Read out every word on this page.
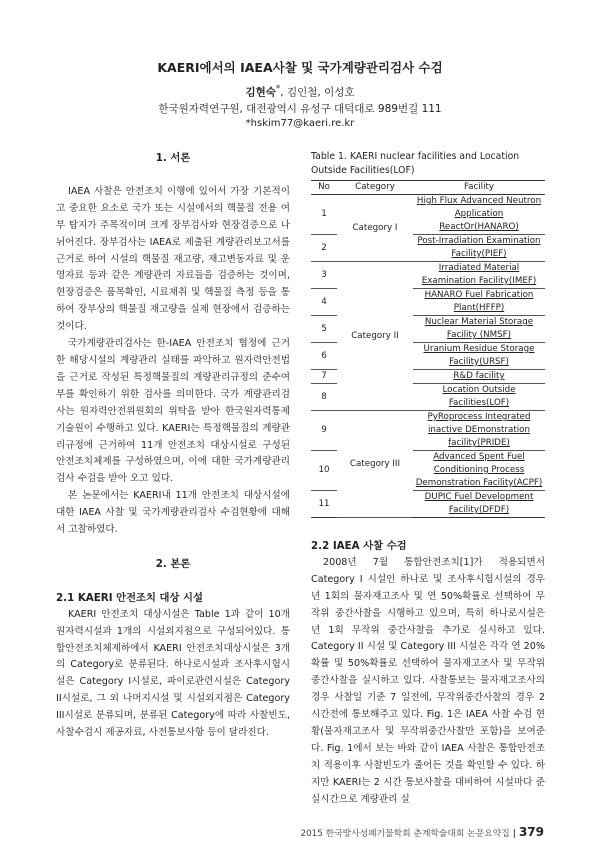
KAERI에서의 IAEA사찰 및 국가계량관리검사 수검
김현숙*, 김인철, 이성호
한국원자력연구원, 대전광역시 유성구 대덕대로 989번길 111
*hskim77@kaeri.re.kr
1. 서론

IAEA 사찰은 안전조치 이행에 있어서 가장 기본적이고 중요한 요소로 국가 또는 시설에서의 핵물질 전용 여부 탐지가 주목적이며 크게 장부검사와 현장검증으로 나뉘어진다. 장부검사는 IAEA로 제출된 계량관리보고서를 근거로 하여 시설의 핵물질 재고량, 재고변동자료 및 운영자료 등과 같은 계량관리 자료들을 검증하는 것이며, 현장검증은 품목확인, 시료채취 및 핵물질 측정 등을 통하여 장부상의 핵물질 재고량을 실제 현장에서 검증하는 것이다.

국가계량관리검사는 한-IAEA 안전조치 협정에 근거한 해당시설의 계량관리 실태를 파악하고 원자력안전법을 근거로 작성된 특정핵물질의 계량관리규정의 준수여부를 확인하기 위한 검사를 의미한다. 국가 계량관리검사는 원자력안전위원회의 위탁을 받아 한국원자력통제기술원이 수행하고 있다. KAERI는 특정핵물질의 계량관리규정에 근거하여 11개 안전조치 대상시설로 구성된 안전조치체제를 구성하였으며, 이에 대한 국가계량관리검사 수검을 받아 오고 있다.

본 논문에서는 KAERI내 11개 안전조치 대상시설에 대한 IAEA 사찰 및 국가계량관리검사 수검현황에 대해서 고찰하였다.

2. 본론
2.1 KAERI 안전조치 대상 시설

KAERI 안전조치 대상시설은 Table 1과 같이 10개 원자력시설과 1개의 시설외지점으로 구성되어있다. 통합안전조치체제하에서 KAERI 안전조치대상시설은 3개의 Category로 분류된다. 하나로시설과 조사후시험시설은 Category I시설로, 파이로관련시설은 Category II시설로, 그 외 나머지시설 및 시설외지점은 Category III시설로 분류되며, 분류된 Category에 따라 사찰빈도, 사찰수검시 제공자료, 사전통보사항 등이 달라진다.

Table 1. KAERI nuclear facilities and Location Outside Facilities(LOF)
No	Category	Facility
1	Category I	High Flux Advanced Neutron Application ReactOr(HANARO)
2		Post-Irradiation Examination Facility(PIEF)
3	Category II	Irradiated Material Examination Facility(IMEF)
4		HANARO Fuel Fabrication Plant(HFFP)
5		Nuclear Material Storage Facility (NMSF)
6		Uranium Residue Storage Facility(URSF)
7		R&D facility
8		Location Outside Facilities(LOF)
9	Category III	PyRoprocess Integrated inactive DEmonstration facility(PRIDE)
10		Advanced Spent Fuel Conditioning Process Demonstration Facility(ACPF)
11		DUPIC Fuel Development Facility(DFDF)
2.2 IAEA 사찰 수검

2008년 7월 통합안전조치[1]가 적용되면서 Category I 시설인 하나로 및 조사후시험시설의 경우 년 1회의 물자재고조사 및 연 50%확률로 선택하여 무작위 중간사찰을 시행하고 있으며, 특히 하나로시설은 년 1회 무작위 중간사찰을 추가로 실시하고 있다. Category II 시설 및 Category III 시설은 각각 연 20%확률 및 50%확률로 선택하여 물자재고조사 및 무작위중간사찰을 실시하고 있다. 사찰통보는 물자재고조사의 경우 사찰일 기준 7 일전에, 무작위중간사찰의 경우 2 시간전에 통보해주고 있다. Fig. 1은 IAEA 사찰 수검 현황(물자재고조사 및 무작위중간사찰만 포함)을 보여준다. Fig. 1에서 보는 바와 같이 IAEA 사찰은 통합안전조치 적용이후 사찰빈도가 줄어든 것을 확인할 수 있다. 하지만 KAERI는 2 시간 통보사찰을 대비하여 시설마다 준실시간으로 계량관리 실

2015 한국방사성폐기물학회 춘계학술대회 논문요약집 | 379
